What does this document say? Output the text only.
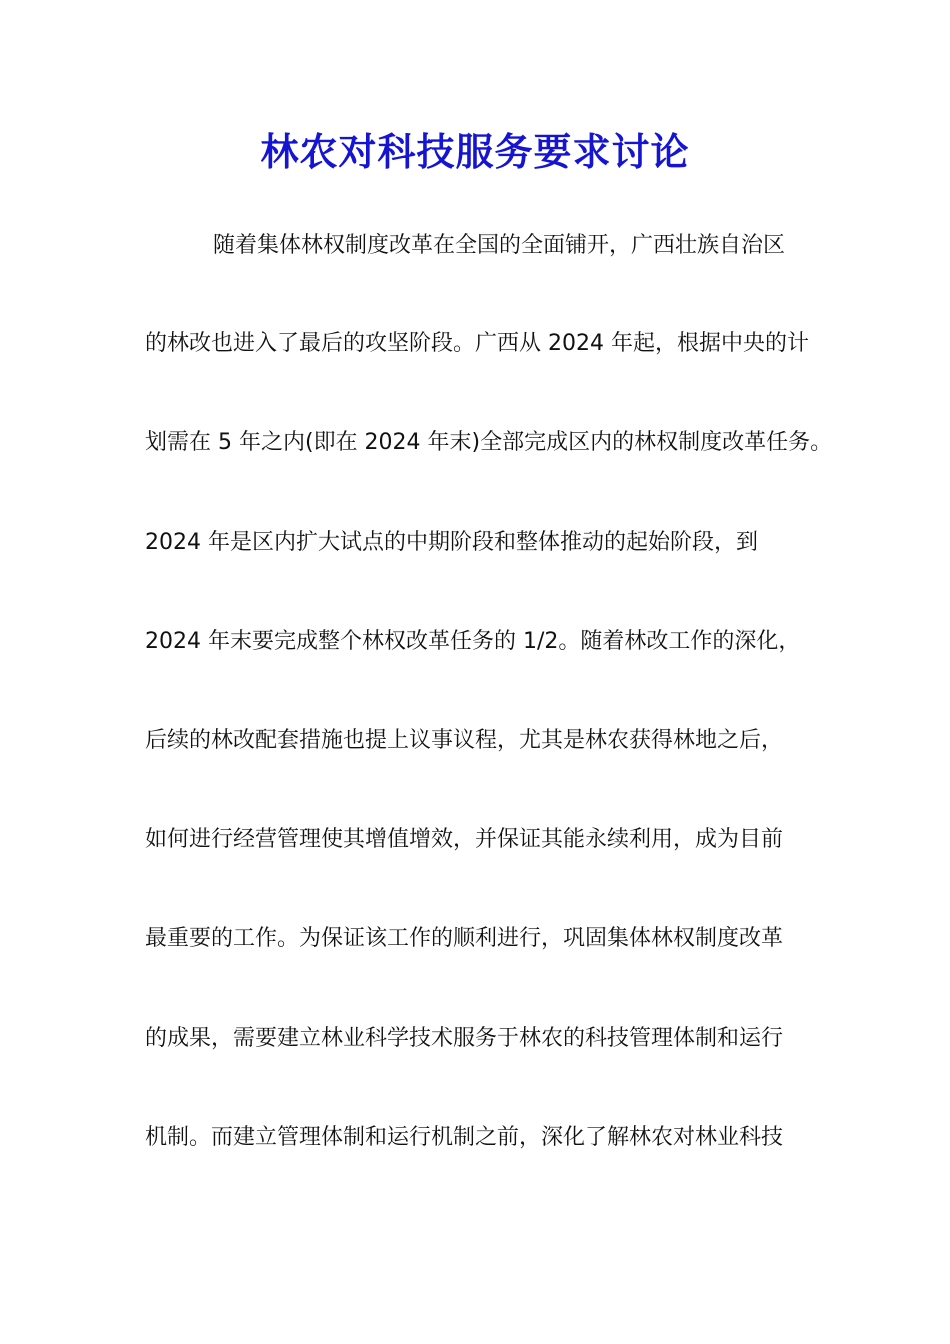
林农对科技服务要求讨论
随着集体林权制度改革在全国的全面铺开，广西壮族自治区
的林改也进入了最后的攻坚阶段。广西从 2024 年起，根据中央的计
划需在 5 年之内(即在 2024 年末)全部完成区内的林权制度改革任务。
2024 年是区内扩大试点的中期阶段和整体推动的起始阶段，到
2024 年末要完成整个林权改革任务的 1/2。随着林改工作的深化，
后续的林改配套措施也提上议事议程，尤其是林农获得林地之后，
如何进行经营管理使其增值增效，并保证其能永续利用，成为目前
最重要的工作。为保证该工作的顺利进行，巩固集体林权制度改革
的成果，需要建立林业科学技术服务于林农的科技管理体制和运行
机制。而建立管理体制和运行机制之前，深化了解林农对林业科技
